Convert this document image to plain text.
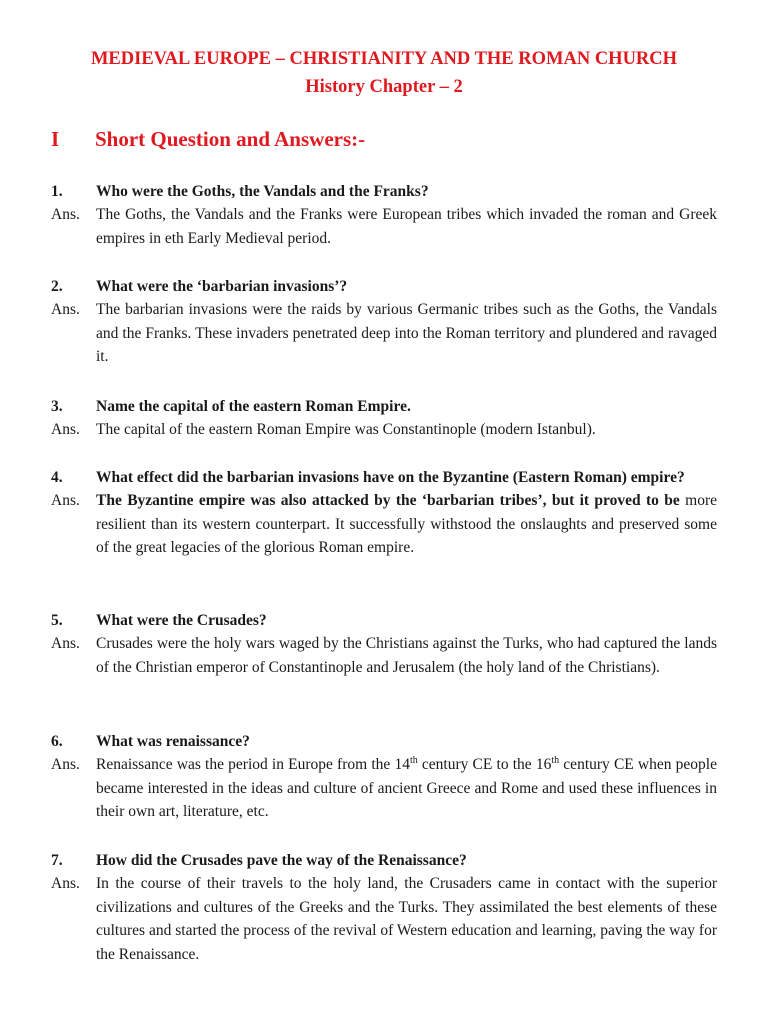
MEDIEVAL EUROPE – CHRISTIANITY AND THE ROMAN CHURCH
History Chapter – 2
I Short Question and Answers:-
1. Who were the Goths, the Vandals and the Franks?
Ans. The Goths, the Vandals and the Franks were European tribes which invaded the roman and Greek empires in eth Early Medieval period.
2. What were the ‘barbarian invasions’?
Ans. The barbarian invasions were the raids by various Germanic tribes such as the Goths, the Vandals and the Franks. These invaders penetrated deep into the Roman territory and plundered and ravaged it.
3. Name the capital of the eastern Roman Empire.
Ans. The capital of the eastern Roman Empire was Constantinople (modern Istanbul).
4. What effect did the barbarian invasions have on the Byzantine (Eastern Roman) empire?
Ans. The Byzantine empire was also attacked by the ‘barbarian tribes’, but it proved to be more resilient than its western counterpart. It successfully withstood the onslaughts and preserved some of the great legacies of the glorious Roman empire.
5. What were the Crusades?
Ans. Crusades were the holy wars waged by the Christians against the Turks, who had captured the lands of the Christian emperor of Constantinople and Jerusalem (the holy land of the Christians).
6. What was renaissance?
Ans. Renaissance was the period in Europe from the 14th century CE to the 16th century CE when people became interested in the ideas and culture of ancient Greece and Rome and used these influences in their own art, literature, etc.
7. How did the Crusades pave the way of the Renaissance?
Ans. In the course of their travels to the holy land, the Crusaders came in contact with the superior civilizations and cultures of the Greeks and the Turks. They assimilated the best elements of these cultures and started the process of the revival of Western education and learning, paving the way for the Renaissance.
